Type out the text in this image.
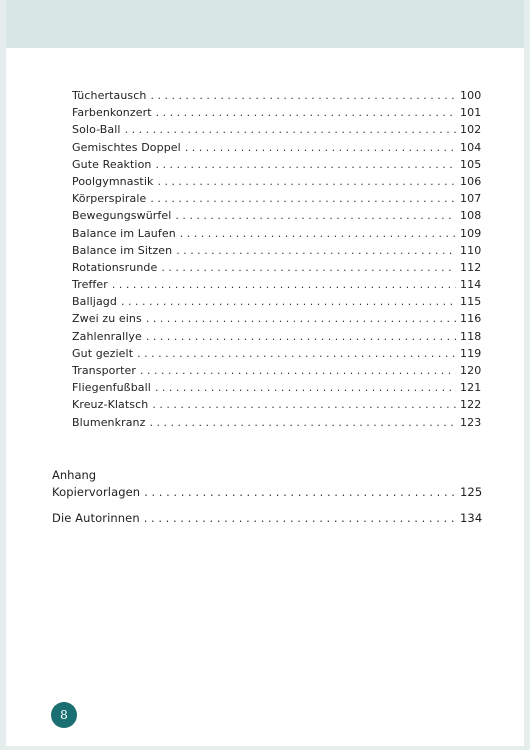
Tüchertausch . . .	100
Farbenkonzert . . .	101
Solo-Ball . . .	102
Gemischtes Doppel . . .	104
Gute Reaktion . . .	105
Poolgymnastik . . .	106
Körperspirale . . .	107
Bewegungswürfel . . .	108
Balance im Laufen . . .	109
Balance im Sitzen . . .	110
Rotationsrunde . . .	112
Treffer . . .	114
Balljagd . . .	115
Zwei zu eins . . .	116
Zahlenrallye . . .	118
Gut gezielt . . .	119
Transporter . . .	120
Fliegenfußball . . .	121
Kreuz-Klatsch . . .	122
Blumenkranz . . .	123
Anhang
Kopiervorlagen . . .	125
Die Autorinnen . . .	134
8
